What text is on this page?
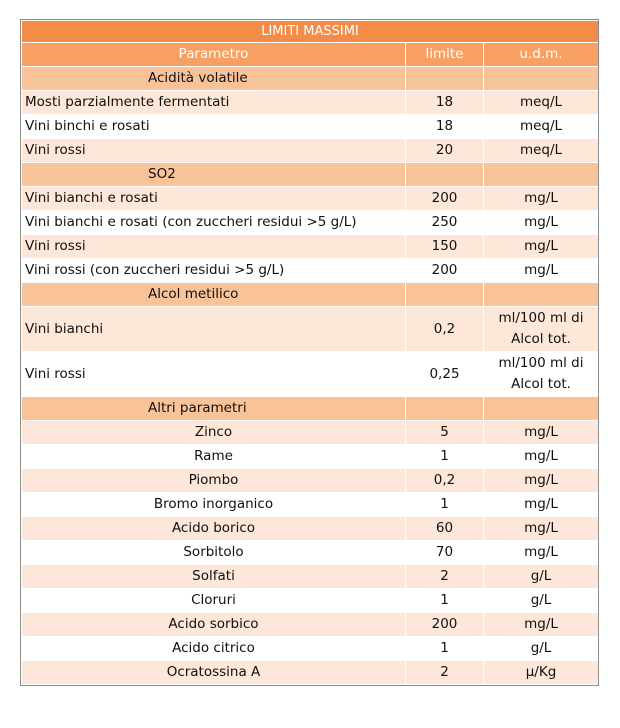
LIMITI MASSIMI		
Parametro	limite	u.d.m.
Acidità volatile		
Mosti parzialmente fermentati	18	meq/L
Vini binchi e rosati	18	meq/L
Vini rossi	20	meq/L
SO2		
Vini bianchi e rosati	200	mg/L
Vini bianchi e rosati (con zuccheri residui >5 g/L)	250	mg/L
Vini rossi	150	mg/L
Vini rossi (con zuccheri residui >5 g/L)	200	mg/L
Alcol metilico		
Vini bianchi	0,2	ml/100 ml di Alcol tot.
Vini rossi	0,25	ml/100 ml di Alcol tot.
Altri parametri		
Zinco	5	mg/L
Rame	1	mg/L
Piombo	0,2	mg/L
Bromo inorganico	1	mg/L
Acido borico	60	mg/L
Sorbitolo	70	mg/L
Solfati	2	g/L
Cloruri	1	g/L
Acido sorbico	200	mg/L
Acido citrico	1	g/L
Ocratossina A	2	µ/Kg
